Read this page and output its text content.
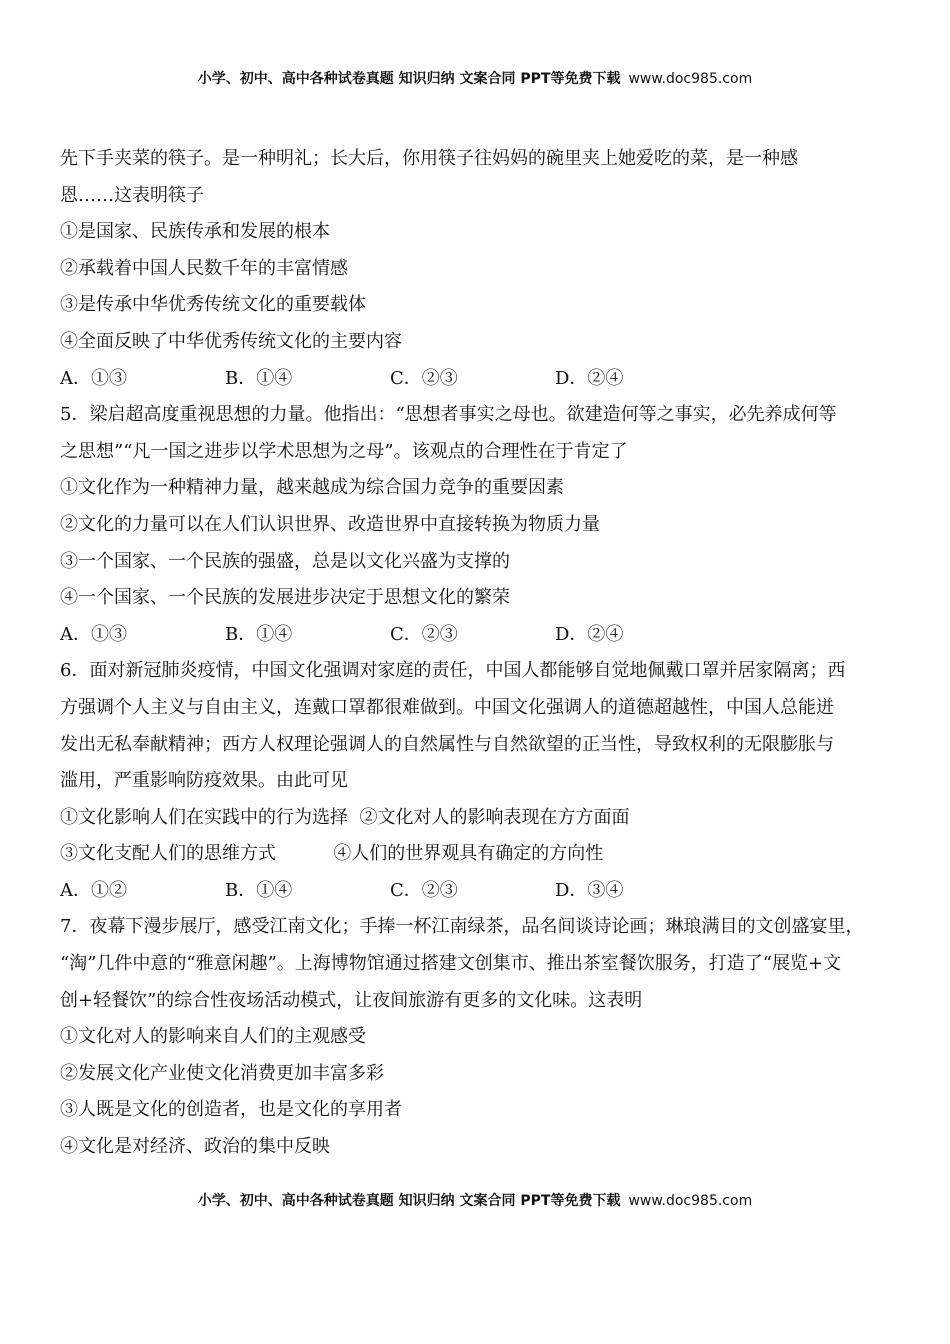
小学、初中、高中各种试卷真题 知识归纳 文案合同 PPT等免费下载 www.doc985.com
先下手夹菜的筷子。是一种明礼；长大后，你用筷子往妈妈的碗里夹上她爱吃的菜，是一种感
恩……这表明筷子
①是国家、民族传承和发展的根本
②承载着中国人民数千年的丰富情感
③是传承中华优秀传统文化的重要载体
④全面反映了中华优秀传统文化的主要内容
A．①③	B．①④	C．②③	D．②④
5．梁启超高度重视思想的力量。他指出：“思想者事实之母也。欲建造何等之事实，必先养成何等
之思想”“凡一国之进步以学术思想为之母”。该观点的合理性在于肯定了
①文化作为一种精神力量，越来越成为综合国力竞争的重要因素
②文化的力量可以在人们认识世界、改造世界中直接转换为物质力量
③一个国家、一个民族的强盛，总是以文化兴盛为支撑的
④一个国家、一个民族的发展进步决定于思想文化的繁荣
A．①③	B．①④	C．②③	D．②④
6．面对新冠肺炎疫情，中国文化强调对家庭的责任，中国人都能够自觉地佩戴口罩并居家隔离；西
方强调个人主义与自由主义，连戴口罩都很难做到。中国文化强调人的道德超越性，中国人总能迸
发出无私奉献精神；西方人权理论强调人的自然属性与自然欲望的正当性，导致权利的无限膨胀与
滥用，严重影响防疫效果。由此可见
①文化影响人们在实践中的行为选择  ②文化对人的影响表现在方方面面
③文化支配人们的思维方式          ④人们的世界观具有确定的方向性
A．①②	B．①④	C．②③	D．③④
7．夜幕下漫步展厅，感受江南文化；手捧一杯江南绿茶，品名间谈诗论画；琳琅满目的文创盛宴里，
“淘”几件中意的“雅意闲趣”。上海博物馆通过搭建文创集市、推出茶室餐饮服务，打造了“展览+文
创+轻餐饮”的综合性夜场活动模式，让夜间旅游有更多的文化味。这表明
①文化对人的影响来自人们的主观感受
②发展文化产业使文化消费更加丰富多彩
③人既是文化的创造者，也是文化的享用者
④文化是对经济、政治的集中反映
小学、初中、高中各种试卷真题 知识归纳 文案合同 PPT等免费下载 www.doc985.com
